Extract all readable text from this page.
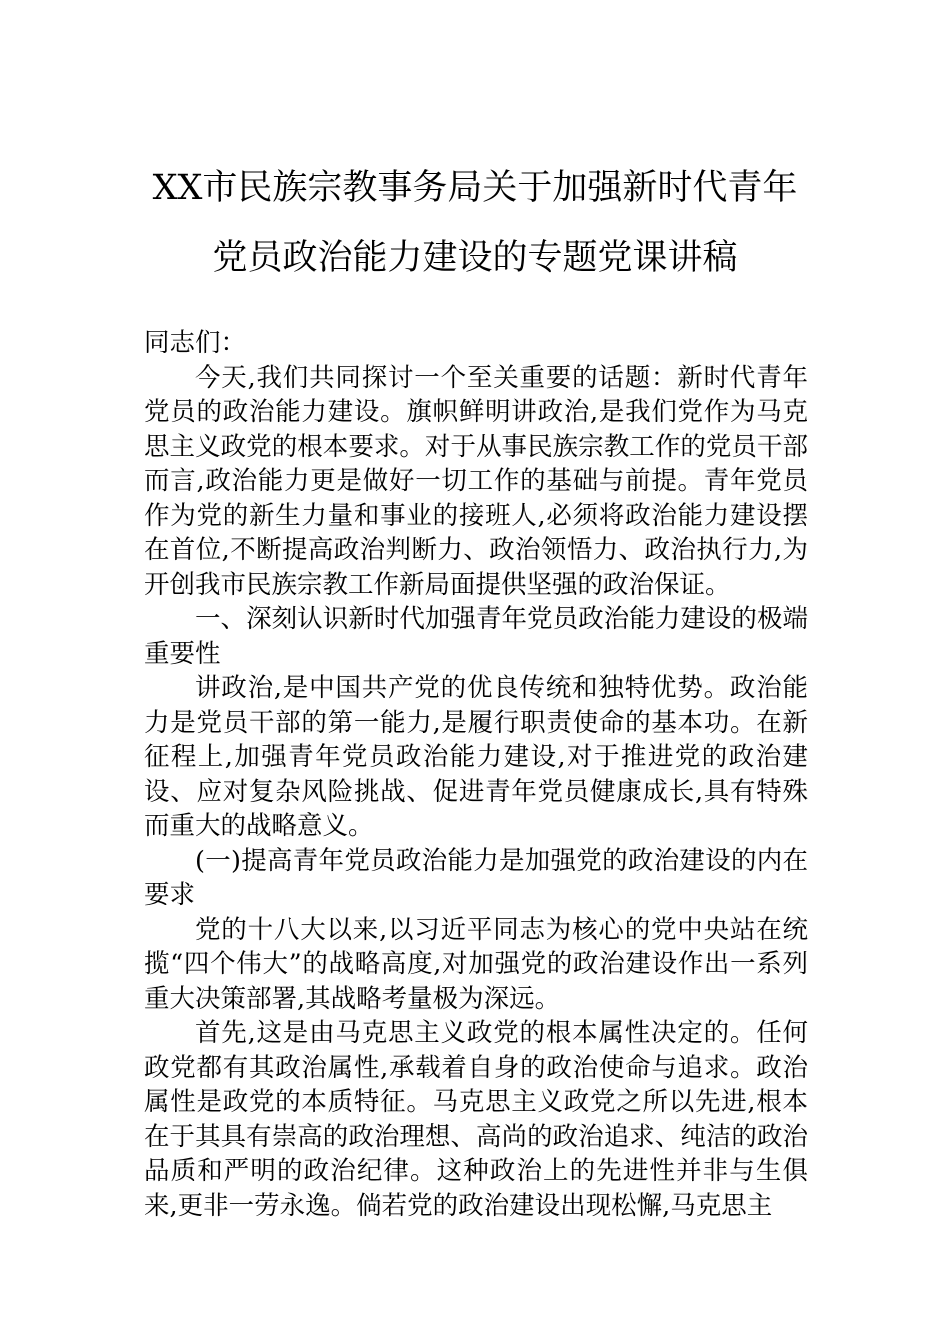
XX市民族宗教事务局关于加强新时代青年
党员政治能力建设的专题党课讲稿

同志们：

今天,我们共同探讨一个至关重要的话题：新时代青年党员的政治能力建设。旗帜鲜明讲政治,是我们党作为马克思主义政党的根本要求。对于从事民族宗教工作的党员干部而言,政治能力更是做好一切工作的基础与前提。青年党员作为党的新生力量和事业的接班人,必须将政治能力建设摆在首位,不断提高政治判断力、政治领悟力、政治执行力,为开创我市民族宗教工作新局面提供坚强的政治保证。

一、深刻认识新时代加强青年党员政治能力建设的极端重要性

讲政治,是中国共产党的优良传统和独特优势。政治能力是党员干部的第一能力,是履行职责使命的基本功。在新征程上,加强青年党员政治能力建设,对于推进党的政治建设、应对复杂风险挑战、促进青年党员健康成长,具有特殊而重大的战略意义。

(一)提高青年党员政治能力是加强党的政治建设的内在要求

党的十八大以来,以习近平同志为核心的党中央站在统揽“四个伟大”的战略高度,对加强党的政治建设作出一系列重大决策部署,其战略考量极为深远。

首先,这是由马克思主义政党的根本属性决定的。任何政党都有其政治属性,承载着自身的政治使命与追求。政治属性是政党的本质特征。马克思主义政党之所以先进,根本在于其具有崇高的政治理想、高尚的政治追求、纯洁的政治品质和严明的政治纪律。这种政治上的先进性并非与生俱来,更非一劳永逸。倘若党的政治建设出现松懈,马克思主
